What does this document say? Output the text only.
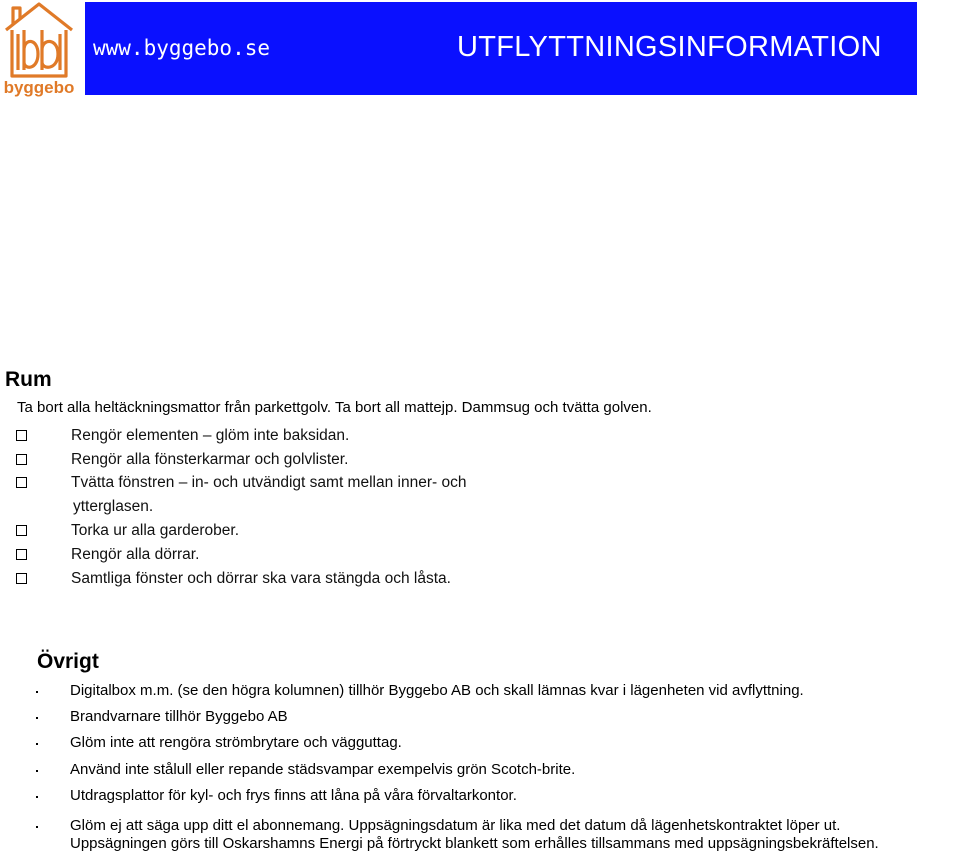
byggebo
www.byggebo.se	UTFLYTTNINGSINFORMATION
Rum

Ta bort alla heltäckningsmattor från parkettgolv. Ta bort all mattejp. Dammsug och tvätta golven.

Rengör elementen – glöm inte baksidan.
Rengör alla fönsterkarmar och golvlister.
Tvätta fönstren – in- och utvändigt samt mellan inner- och
ytterglasen.
Torka ur alla garderober.
Rengör alla dörrar.
Samtliga fönster och dörrar ska vara stängda och låsta.
Övrigt
Digitalbox m.m. (se den högra kolumnen) tillhör Byggebo AB och skall lämnas kvar i lägenheten vid avflyttning.
Brandvarnare tillhör Byggebo AB
Glöm inte att rengöra strömbrytare och vägguttag.
Använd inte stålull eller repande städsvampar exempelvis grön Scotch-brite.
Utdragsplattor för kyl- och frys finns att låna på våra förvaltarkontor.
Glöm ej att säga upp ditt el abonnemang. Uppsägningsdatum är lika med det datum då lägenhetskontraktet löper ut.
Uppsägningen görs till Oskarshamns Energi på förtryckt blankett som erhålles tillsammans med uppsägningsbekräftelsen.
